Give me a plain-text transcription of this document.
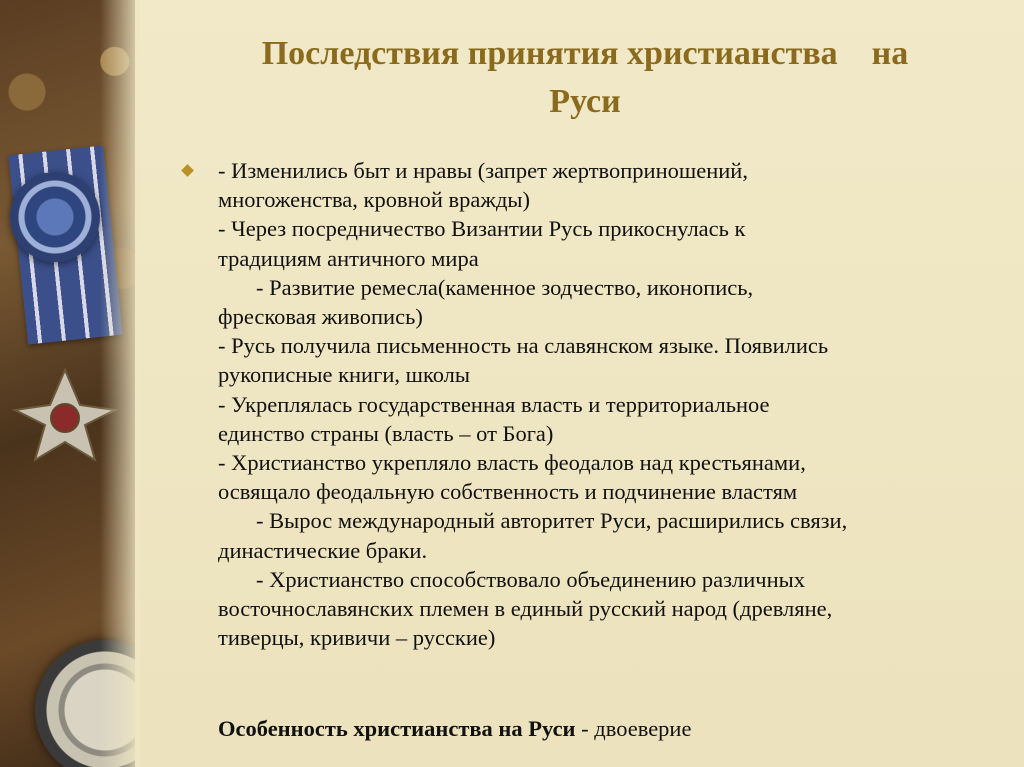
Последствия принятия христианства    на
Руси
- Изменились быт и нравы (запрет жертвоприношений,
многоженства, кровной вражды)
- Через посредничество Византии Русь прикоснулась к
традициям античного мира
- Развитие ремесла(каменное зодчество, иконопись,
фресковая живопись)
- Русь получила письменность на славянском языке. Появились
рукописные книги, школы
- Укреплялась государственная власть и территориальное
единство страны (власть – от Бога)
- Христианство укрепляло власть феодалов над крестьянами,
освящало феодальную собственность и подчинение властям
- Вырос международный авторитет Руси, расширились связи,
династические браки.
- Христианство способствовало объединению различных
восточнославянских племен в единый русский народ (древляне,
тиверцы, кривичи – русские)
Особенность христианства на Руси - двоеверие
